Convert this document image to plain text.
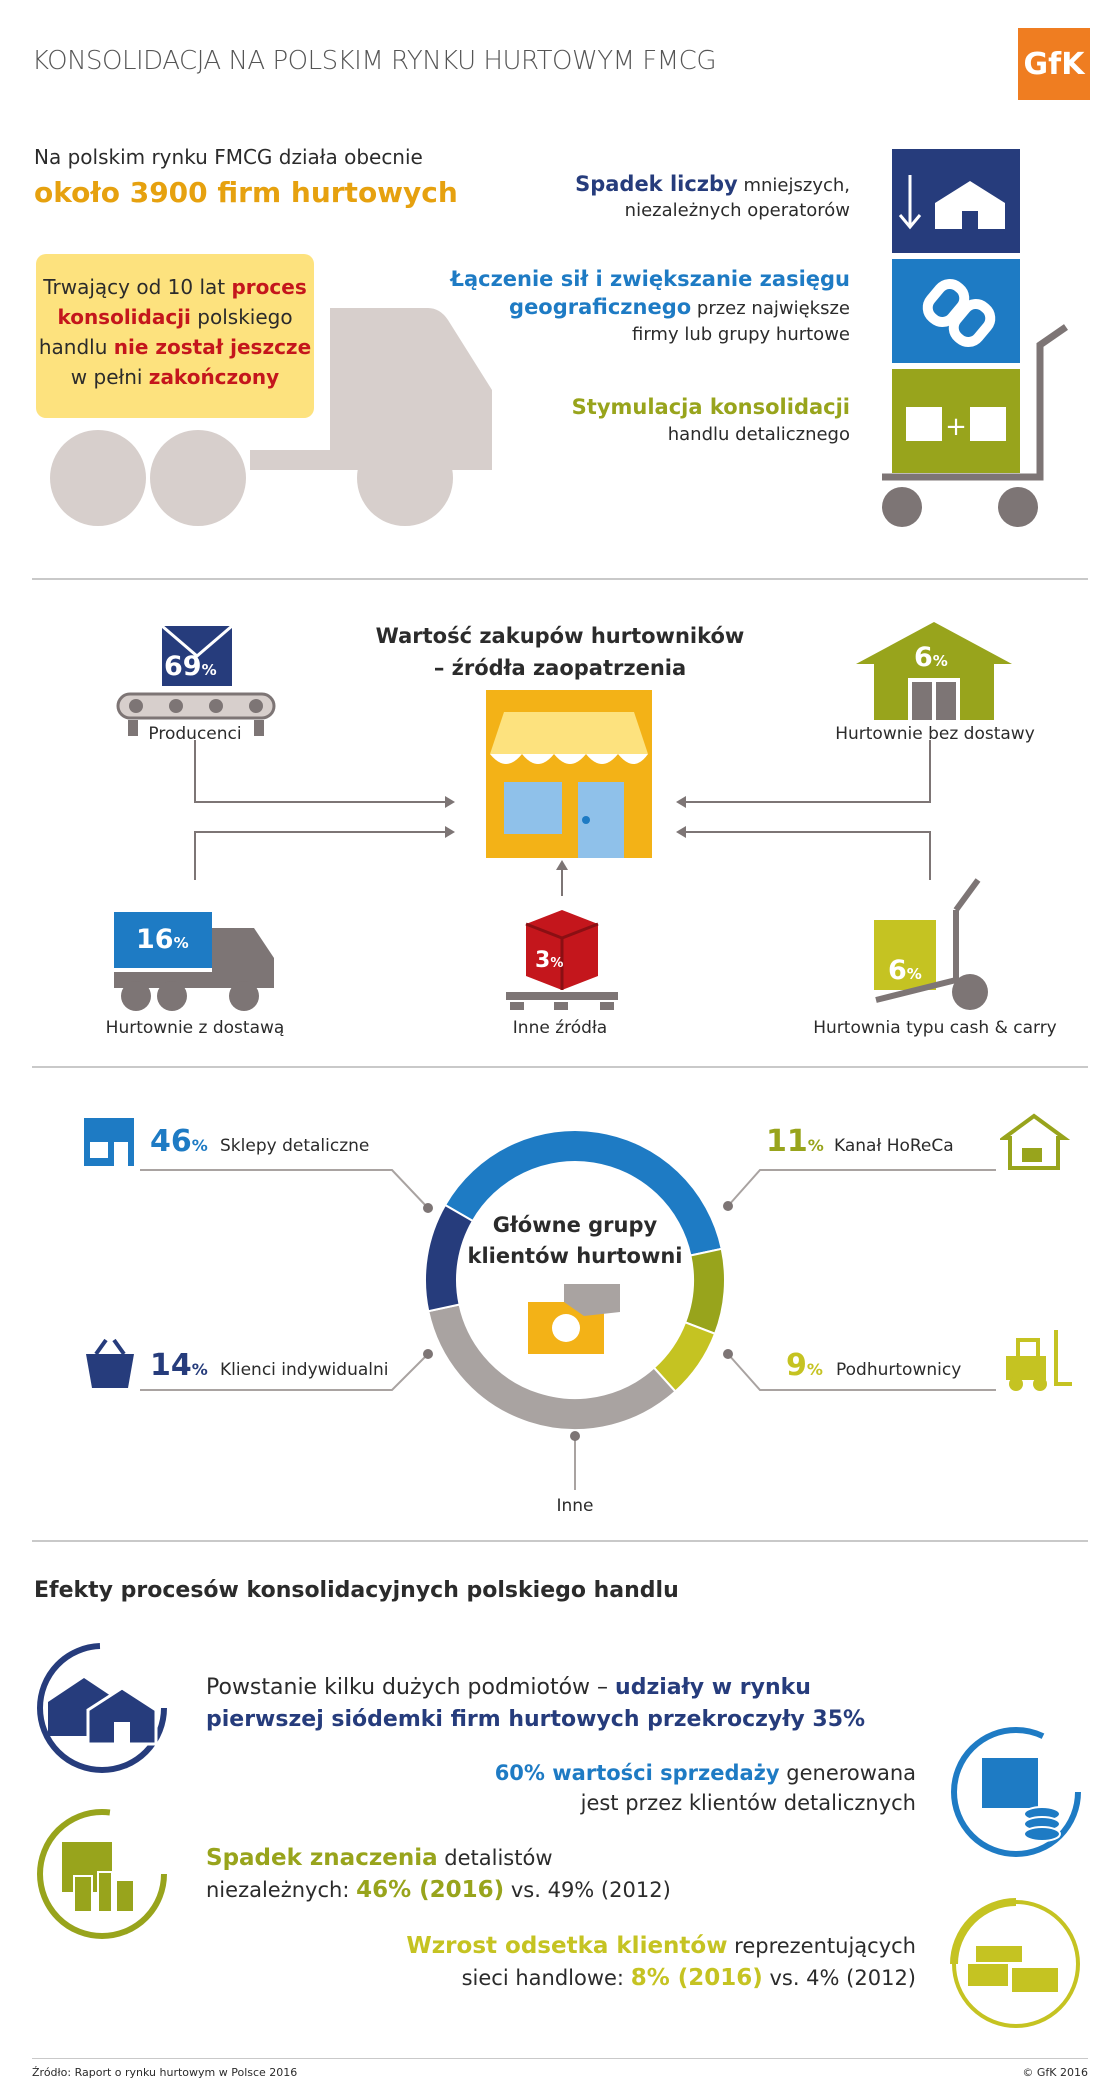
KONSOLIDACJA NA POLSKIM RYNKU HURTOWYM FMCG	GfK
Na polskim rynku FMCG działa obecnie
około 3900 firm hurtowych
Trwający od 10 lat proces
konsolidacji polskiego
handlu nie został jeszcze
w pełni zakończony
Spadek liczby mniejszych,
niezależnych operatorów
Łączenie sił i zwiększanie zasięgu
geograficznego przez największe
firmy lub grupy hurtowe
Stymulacja konsolidacji
handlu detalicznego	+
Wartość zakupów hurtowników
– źródła zaopatrzenia
69%
Producenci
6%
Hurtownie bez dostawy
16%
Hurtownie z dostawą
3%
Inne źródła
6%
Hurtownia typu cash & carry
Główne grupy
klientów hurtowni
46% Sklepy detaliczne	11% Kanał HoReCa
14% Klienci indywidualni	9% Podhurtownicy
Inne
Efekty procesów konsolidacyjnych polskiego handlu
Powstanie kilku dużych podmiotów – udziały w rynku
pierwszej siódemki firm hurtowych przekroczyły 35%
60% wartości sprzedaży generowana
jest przez klientów detalicznych
Spadek znaczenia detalistów
niezależnych: 46% (2016) vs. 49% (2012)
Wzrost odsetka klientów reprezentujących
sieci handlowe: 8% (2016) vs. 4% (2012)
Źródło: Raport o rynku hurtowym w Polsce 2016	© GfK 2016
